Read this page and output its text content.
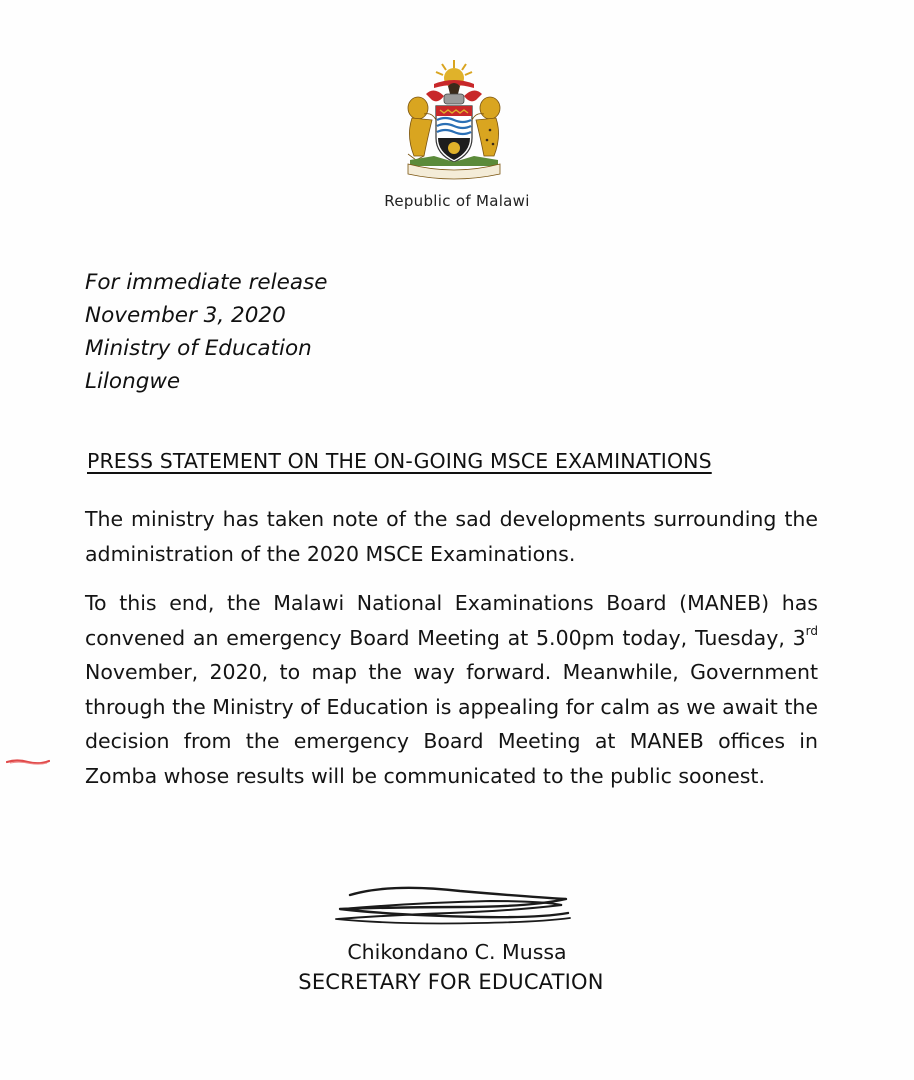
Republic of Malawi
For immediate release
November 3, 2020
Ministry of Education
Lilongwe
PRESS STATEMENT ON THE ON-GOING MSCE EXAMINATIONS
The ministry has taken note of the sad developments surrounding the administration of the 2020 MSCE Examinations.
To this end, the Malawi National Examinations Board (MANEB) has convened an emergency Board Meeting at 5.00pm today, Tuesday, 3rd November, 2020, to map the way forward. Meanwhile, Government through the Ministry of Education is appealing for calm as we await the decision from the emergency Board Meeting at MANEB offices in Zomba whose results will be communicated to the public soonest.
Chikondano C. Mussa
SECRETARY FOR EDUCATION
